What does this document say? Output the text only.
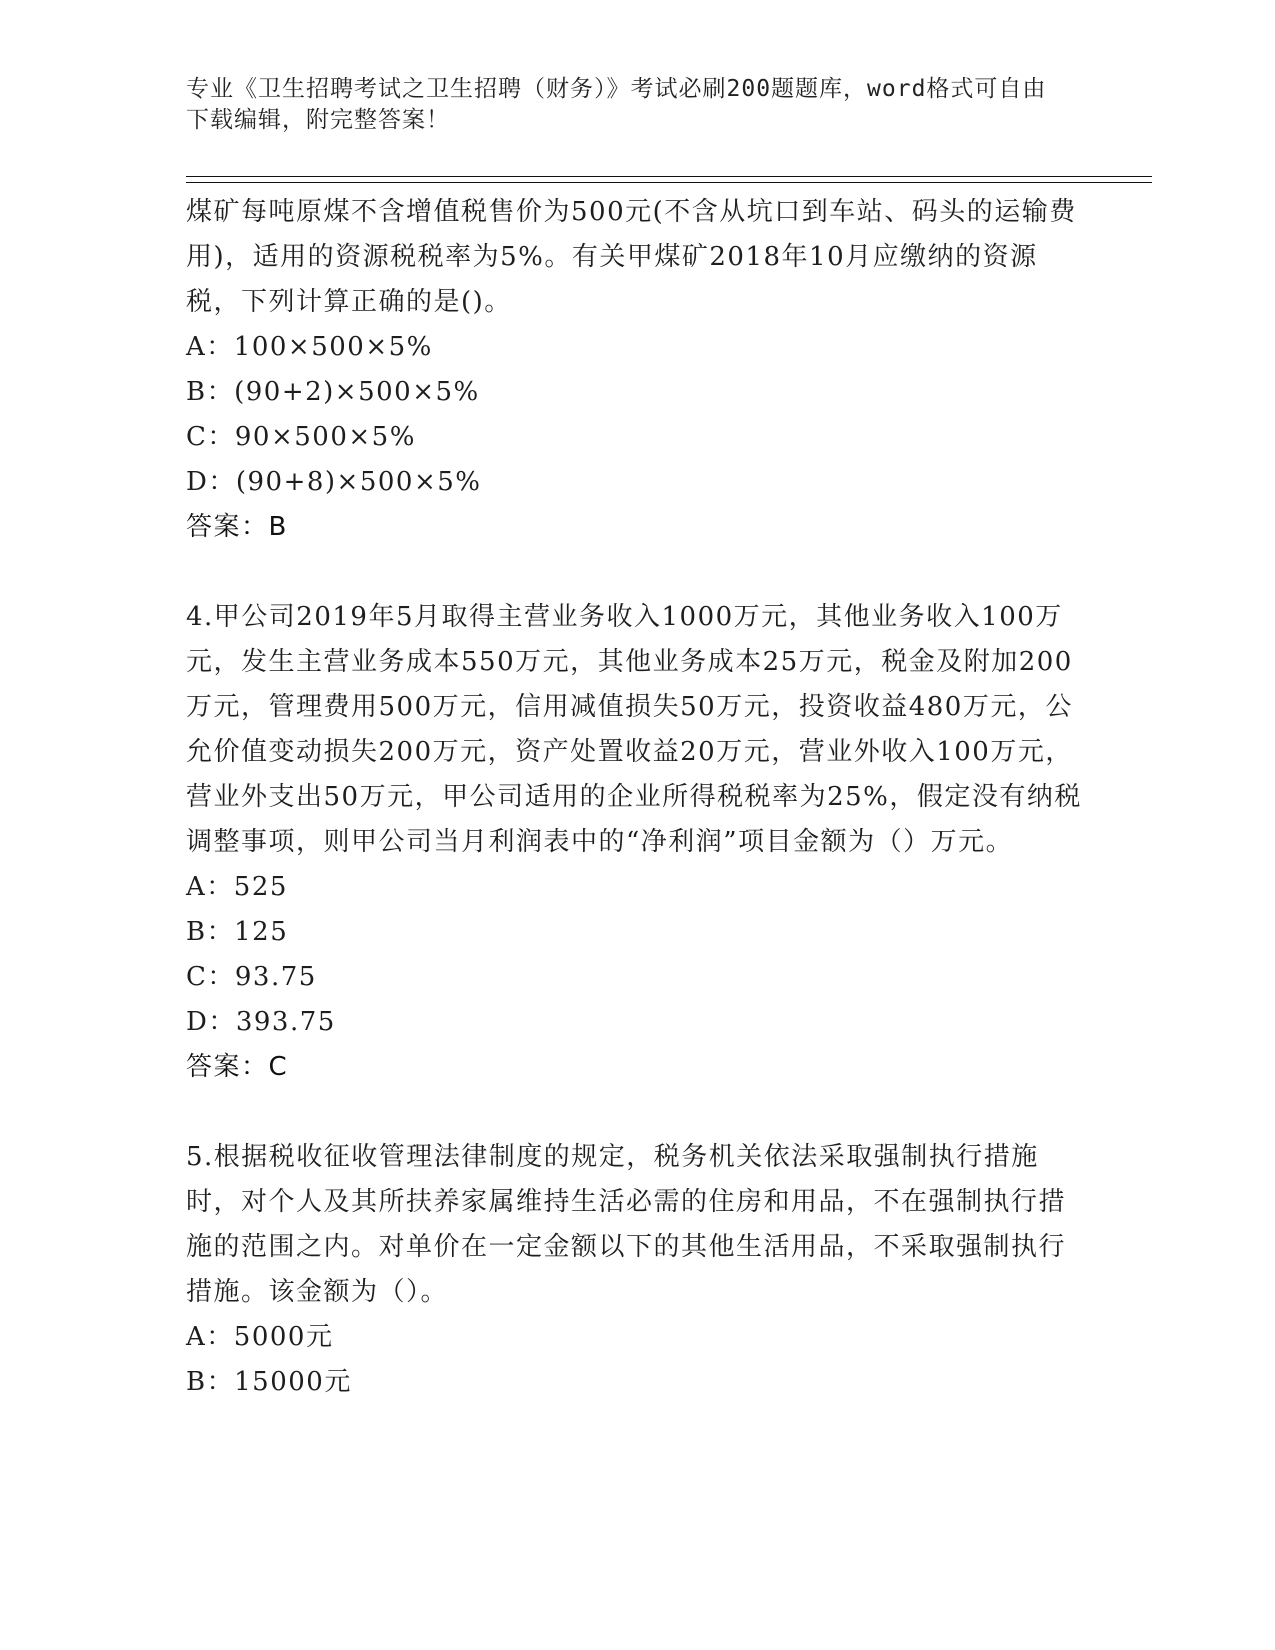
专业《卫生招聘考试之卫生招聘（财务）》考试必刷200题题库，word格式可自由下载编辑，附完整答案！

煤矿每吨原煤不含增值税售价为500元(不含从坑口到车站、码头的运输费用)，适用的资源税税率为5%。有关甲煤矿2018年10月应缴纳的资源税，下列计算正确的是()。

A：100×500×5%

B：(90+2)×500×5%

C：90×500×5%

D：(90+8)×500×5%

答案：B

4.甲公司2019年5月取得主营业务收入1000万元，其他业务收入100万元，发生主营业务成本550万元，其他业务成本25万元，税金及附加200万元，管理费用500万元，信用减值损失50万元，投资收益480万元，公允价值变动损失200万元，资产处置收益20万元，营业外收入100万元，营业外支出50万元，甲公司适用的企业所得税税率为25%，假定没有纳税调整事项，则甲公司当月利润表中的“净利润”项目金额为（）万元。

A：525

B：125

C：93.75

D：393.75

答案：C

5.根据税收征收管理法律制度的规定，税务机关依法采取强制执行措施时，对个人及其所扶养家属维持生活必需的住房和用品，不在强制执行措施的范围之内。对单价在一定金额以下的其他生活用品，不采取强制执行措施。该金额为（）。

A：5000元

B：15000元
